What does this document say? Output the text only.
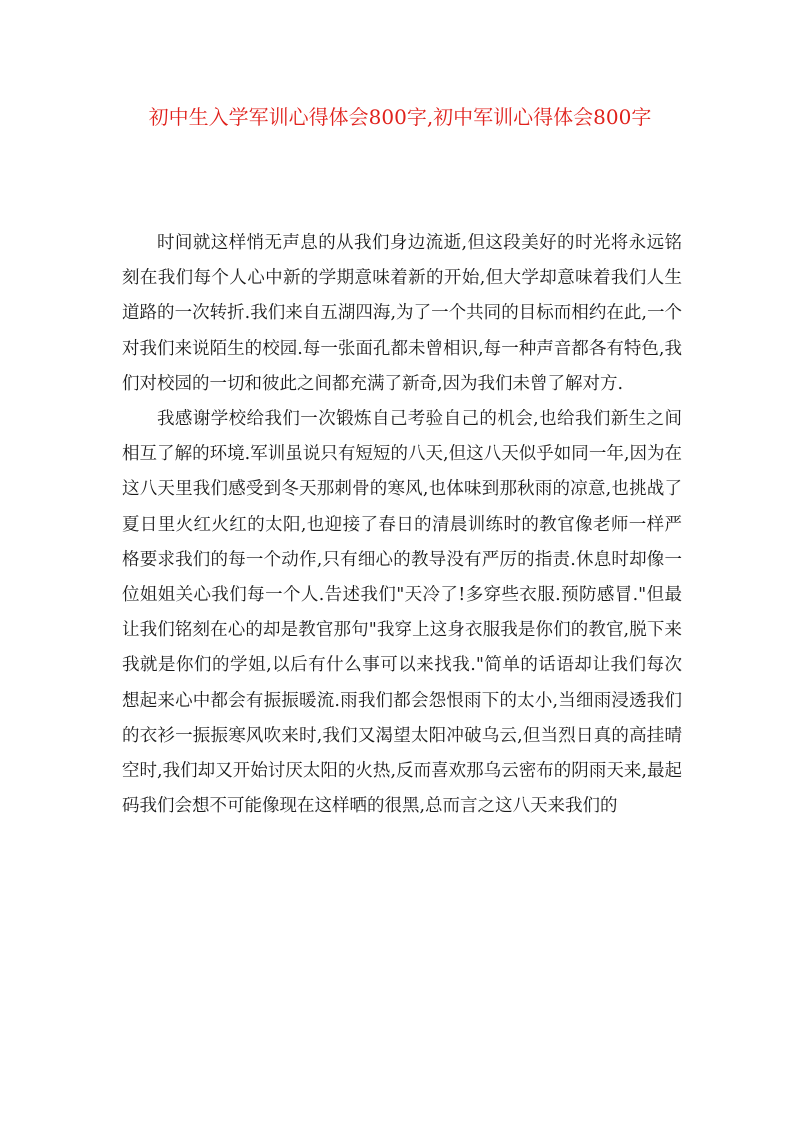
初中生入学军训心得体会800字,初中军训心得体会800字

时间就这样悄无声息的从我们身边流逝,但这段美好的时光将永远铭刻在我们每个人心中新的学期意味着新的开始,但大学却意味着我们人生道路的一次转折.我们来自五湖四海,为了一个共同的目标而相约在此,一个对我们来说陌生的校园.每一张面孔都未曾相识,每一种声音都各有特色,我们对校园的一切和彼此之间都充满了新奇,因为我们未曾了解对方.

我感谢学校给我们一次锻炼自己考验自己的机会,也给我们新生之间相互了解的环境.军训虽说只有短短的八天,但这八天似乎如同一年,因为在这八天里我们感受到冬天那刺骨的寒风,也体味到那秋雨的凉意,也挑战了夏日里火红火红的太阳,也迎接了春日的清晨训练时的教官像老师一样严格要求我们的每一个动作,只有细心的教导没有严厉的指责.休息时却像一位姐姐关心我们每一个人.告述我们"天冷了!多穿些衣服.预防感冒."但最让我们铭刻在心的却是教官那句"我穿上这身衣服我是你们的教官,脱下来我就是你们的学姐,以后有什么事可以来找我."简单的话语却让我们每次想起来心中都会有振振暖流.雨我们都会怨恨雨下的太小,当细雨浸透我们的衣衫一振振寒风吹来时,我们又渴望太阳冲破乌云,但当烈日真的高挂晴空时,我们却又开始讨厌太阳的火热,反而喜欢那乌云密布的阴雨天来,最起码我们会想不可能像现在这样晒的很黑,总而言之这八天来我们的
